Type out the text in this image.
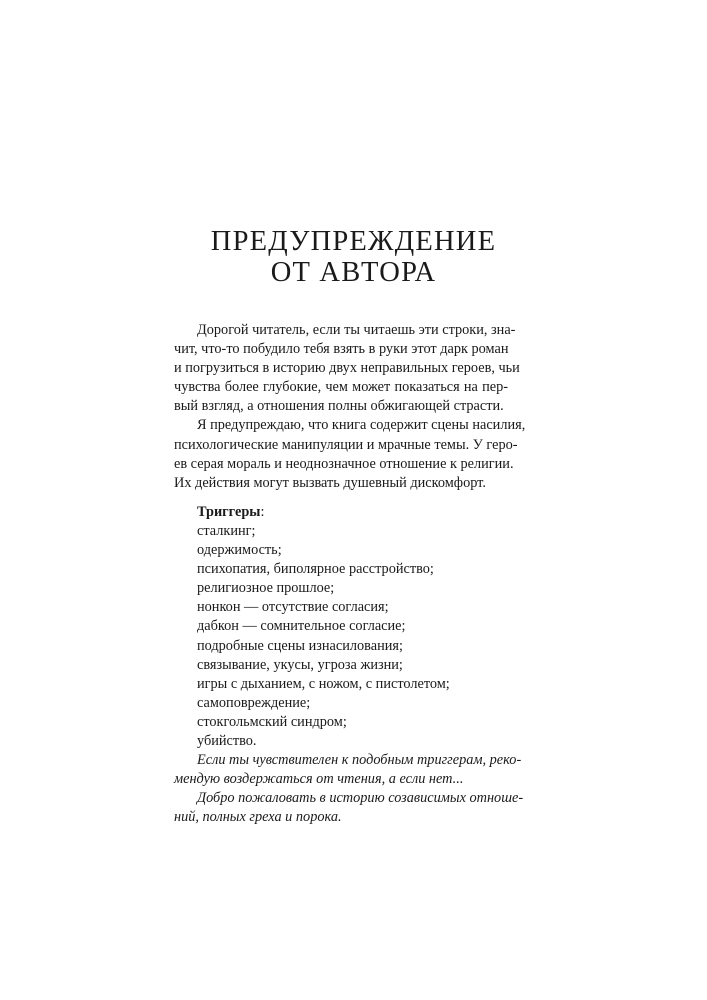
ПРЕДУПРЕЖДЕНИЕ
ОТ АВТОРА
Дорогой читатель, если ты читаешь эти строки, зна-
чит, что-то побудило тебя взять в руки этот дарк роман
и погрузиться в историю двух неправильных героев, чьи
чувства более глубокие, чем может показаться на пер-
вый взгляд, а отношения полны обжигающей страсти.
Я предупреждаю, что книга содержит сцены насилия,
психологические манипуляции и мрачные темы. У геро-
ев серая мораль и неоднозначное отношение к религии.
Их действия могут вызвать душевный дискомфорт.
Триггеры:
сталкинг;
одержимость;
психопатия, биполярное расстройство;
религиозное прошлое;
нонкон — отсутствие согласия;
дабкон — сомнительное согласие;
подробные сцены изнасилования;
связывание, укусы, угроза жизни;
игры с дыханием, с ножом, с пистолетом;
самоповреждение;
стокгольмский синдром;
убийство.
Если ты чувствителен к подобным триггерам, реко-
мендую воздержаться от чтения, а если нет...
Добро пожаловать в историю созависимых отноше-
ний, полных греха и порока.
